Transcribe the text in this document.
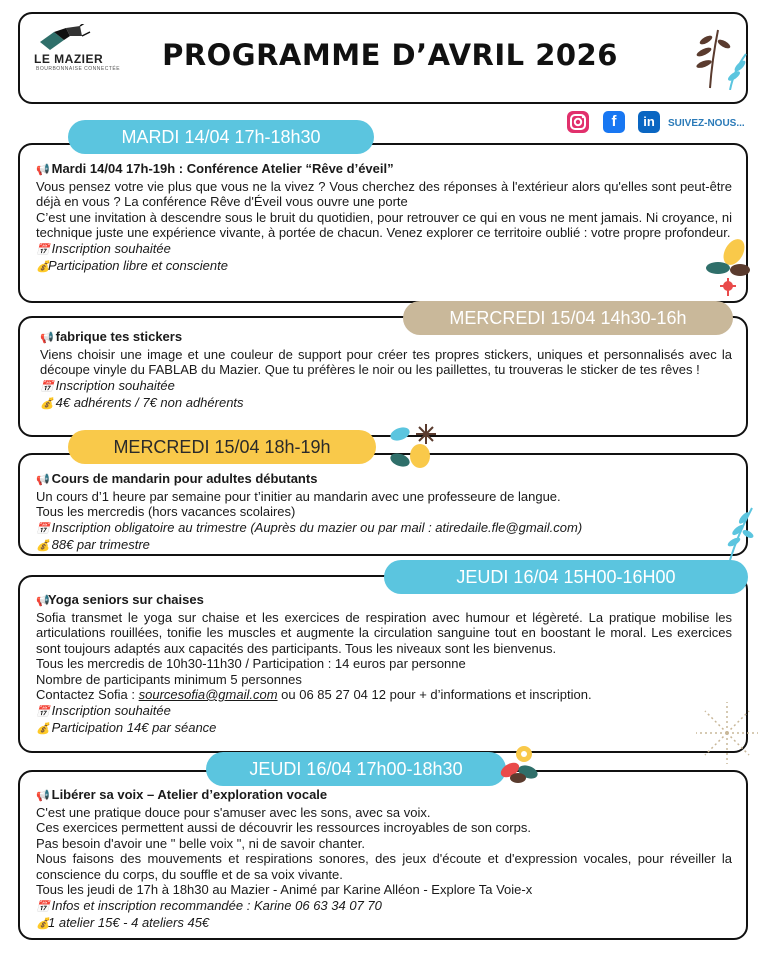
LE MAZIER
BOURBONNAISE CONNECTÉE	PROGRAMME D’AVRIL 2026
f	in	SUIVEZ-NOUS...
MARDI 14/04 17h-18h30

📢 Mardi 14/04 17h-19h : Conférence Atelier “Rêve d’éveil”

Vous pensez votre vie plus que vous ne la vivez ? Vous cherchez des réponses à l'extérieur alors qu'elles sont peut-être déjà en vous ? La conférence Rêve d'Éveil vous ouvre une porte

C’est une invitation à descendre sous le bruit du quotidien, pour retrouver ce qui en vous ne ment jamais. Ni croyance, ni technique juste une expérience vivante, à portée de chacun. Venez explorer ce territoire oublié : votre propre profondeur.

📅 Inscription souhaitée

💰Participation libre et consciente

MERCREDI 15/04 14h30-16h

📢 fabrique tes stickers

Viens choisir une image et une couleur de support pour créer tes propres stickers, uniques et personnalisés avec la découpe vinyle du FABLAB du Mazier. Que tu préfères le noir ou les paillettes, tu trouveras le sticker de tes rêves !

📅 Inscription souhaitée

💰 4€ adhérents / 7€ non adhérents

MERCREDI 15/04 18h-19h

📢 Cours de mandarin pour adultes débutants

Un cours d’1 heure par semaine pour t’initier au mandarin avec une professeure de langue.

Tous les mercredis (hors vacances scolaires)

📅 Inscription obligatoire au trimestre (Auprès du mazier ou par mail : atiredaile.fle@gmail.com)

💰 88€ par trimestre

JEUDI 16/04 15H00-16H00

📢Yoga seniors sur chaises

Sofia transmet le yoga sur chaise et les exercices de respiration avec humour et légèreté. La pratique mobilise les articulations rouillées, tonifie les muscles et augmente la circulation sanguine tout en boostant le moral. Les exercices sont toujours adaptés aux capacités des participants. Tous les niveaux sont les bienvenus.

Tous les mercredis de 10h30-11h30 / Participation : 14 euros par personne

Nombre de participants minimum 5 personnes

Contactez Sofia : sourcesofia@gmail.com ou 06 85 27 04 12 pour + d’informations et inscription.

📅 Inscription souhaitée

💰 Participation 14€ par séance

JEUDI 16/04 17h00-18h30

📢 Libérer sa voix – Atelier d’exploration vocale

C'est une pratique douce pour s'amuser avec les sons, avec sa voix.

Ces exercices permettent aussi de découvrir les ressources incroyables de son corps.

Pas besoin d'avoir une " belle voix ", ni de savoir chanter.

Nous faisons des mouvements et respirations sonores, des jeux d'écoute et d'expression vocales, pour réveiller la conscience du corps, du souffle et de sa voix vivante.

Tous les jeudi de 17h à 18h30 au Mazier - Animé par Karine Alléon - Explore Ta Voie-x

📅 Infos et inscription recommandée : Karine 06 63 34 07 70

💰1 atelier 15€ - 4 ateliers 45€
